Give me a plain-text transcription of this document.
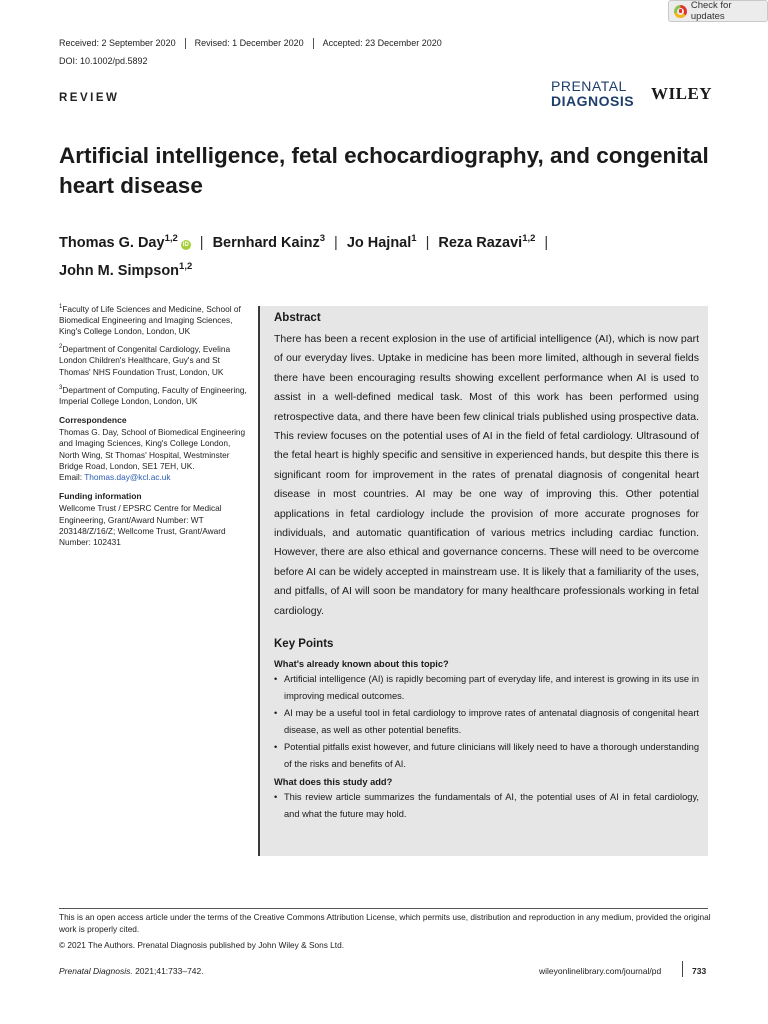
Check for updates
Received: 2 September 2020	Revised: 1 December 2020	Accepted: 23 December 2020
DOI: 10.1002/pd.5892
REVIEW
PRENATAL
DIAGNOSIS WILEY
Artificial intelligence, fetal echocardiography, and congenital heart disease
Thomas G. Day$^{1,2}$iD | Bernhard Kainz$^3$ | Jo Hajnal$^1$ | Reza Razavi$^{1,2}$ |
John M. Simpson$^{1,2}$
$^1$Faculty of Life Sciences and Medicine, School of Biomedical Engineering and Imaging Sciences, King's College London, London, UK
$^2$Department of Congenital Cardiology, Evelina London Children's Healthcare, Guy's and St Thomas' NHS Foundation Trust, London, UK
$^3$Department of Computing, Faculty of Engineering, Imperial College London, London, UK
Correspondence
Thomas G. Day, School of Biomedical Engineering and Imaging Sciences, King's College London, North Wing, St Thomas' Hospital, Westminster Bridge Road, London, SE1 7EH, UK.
Email: Thomas.day@kcl.ac.uk
Funding information
Wellcome Trust / EPSRC Centre for Medical Engineering, Grant/Award Number: WT 203148/Z/16/Z; Wellcome Trust, Grant/Award Number: 102431
Abstract

There has been a recent explosion in the use of artificial intelligence (AI), which is now part of our everyday lives. Uptake in medicine has been more limited, although in several fields there have been encouraging results showing excellent performance when AI is used to assist in a well-defined medical task. Most of this work has been performed using retrospective data, and there have been few clinical trials published using prospective data. This review focuses on the potential uses of AI in the field of fetal cardiology. Ultrasound of the fetal heart is highly specific and sensitive in experienced hands, but despite this there is significant room for improvement in the rates of prenatal diagnosis of congenital heart disease in most countries. AI may be one way of improving this. Other potential applications in fetal cardiology include the provision of more accurate prognoses for individuals, and automatic quantification of various metrics including cardiac function. However, there are also ethical and governance concerns. These will need to be overcome before AI can be widely accepted in mainstream use. It is likely that a familiarity of the uses, and pitfalls, of AI will soon be mandatory for many healthcare professionals working in fetal cardiology.

Key Points
What's already known about this topic?
• Artificial intelligence (AI) is rapidly becoming part of everyday life, and interest is growing in its use in improving medical outcomes.
• AI may be a useful tool in fetal cardiology to improve rates of antenatal diagnosis of congenital heart disease, as well as other potential benefits.
• Potential pitfalls exist however, and future clinicians will likely need to have a thorough understanding of the risks and benefits of AI.
What does this study add?
• This review article summarizes the fundamentals of AI, the potential uses of AI in fetal cardiology, and what the future may hold.
This is an open access article under the terms of the Creative Commons Attribution License, which permits use, distribution and reproduction in any medium, provided the original work is properly cited.
© 2021 The Authors. Prenatal Diagnosis published by John Wiley & Sons Ltd.
Prenatal Diagnosis. 2021;41:733–742.	wileyonlinelibrary.com/journal/pd	733
